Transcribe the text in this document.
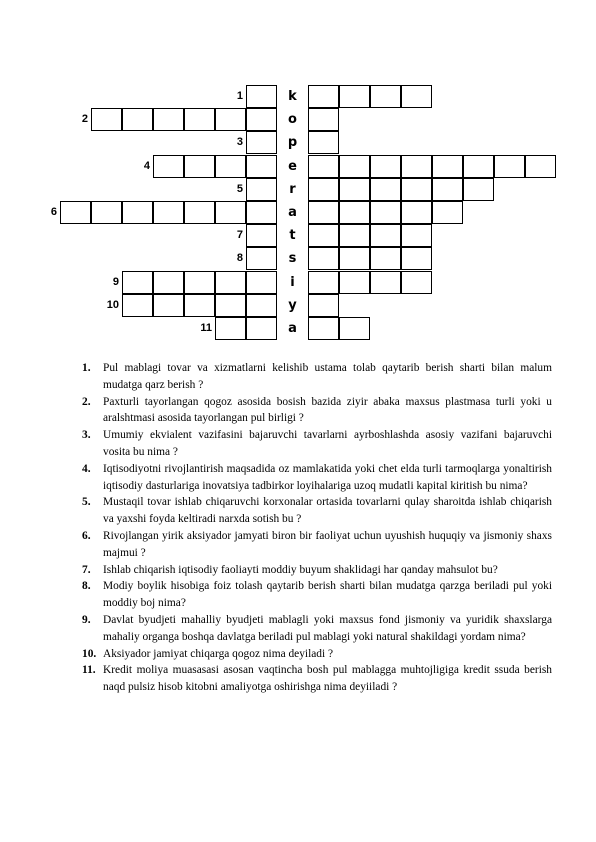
1	k
2	o
3	p
4	e
5	r
6	a
7	t
8	s
9	i
10	y
11	a
1.	Pul mablagi tovar va xizmatlarni kelishib ustama tolab qaytarib berish sharti bilan malum mudatga qarz berish ?
2.	Paxturli tayorlangan qogoz asosida bosish bazida ziyir abaka maxsus plastmasa turli yoki u aralshtmasi asosida tayorlangan pul birligi ?
3.	Umumiy ekvialent vazifasini bajaruvchi tavarlarni ayrboshlashda asosiy vazifani bajaruvchi vosita bu nima ?
4.	Iqtisodiyotni rivojlantirish maqsadida oz mamlakatida yoki chet elda turli tarmoqlarga yonaltirish iqtisodiy dasturlariga inovatsiya tadbirkor loyihalariga uzoq mudatli kapital kiritish bu nima?
5.	Mustaqil tovar ishlab chiqaruvchi korxonalar ortasida tovarlarni qulay sharoitda ishlab chiqarish va yaxshi foyda keltiradi narxda sotish bu ?
6.	Rivojlangan yirik aksiyador jamyati biron bir faoliyat uchun uyushish huquqiy va jismoniy shaxs majmui ?
7.	Ishlab chiqarish iqtisodiy faoliayti moddiy buyum shaklidagi har qanday mahsulot bu?
8.	Modiy boylik hisobiga foiz tolash qaytarib berish sharti bilan mudatga qarzga beriladi pul yoki moddiy boj nima?
9.	Davlat byudjeti mahalliy byudjeti mablagli yoki maxsus fond jismoniy va yuridik shaxslarga mahaliy organga boshqa davlatga beriladi pul mablagi yoki natural shakildagi yordam nima?
10. Aksiyador jamiyat chiqarga qogoz nima deyiladi ?
11. Kredit moliya muasasasi asosan vaqtincha bosh pul mablagga muhtojligiga kredit ssuda berish naqd pulsiz hisob kitobni amaliyotga oshirishga nima deyiiladi ?
